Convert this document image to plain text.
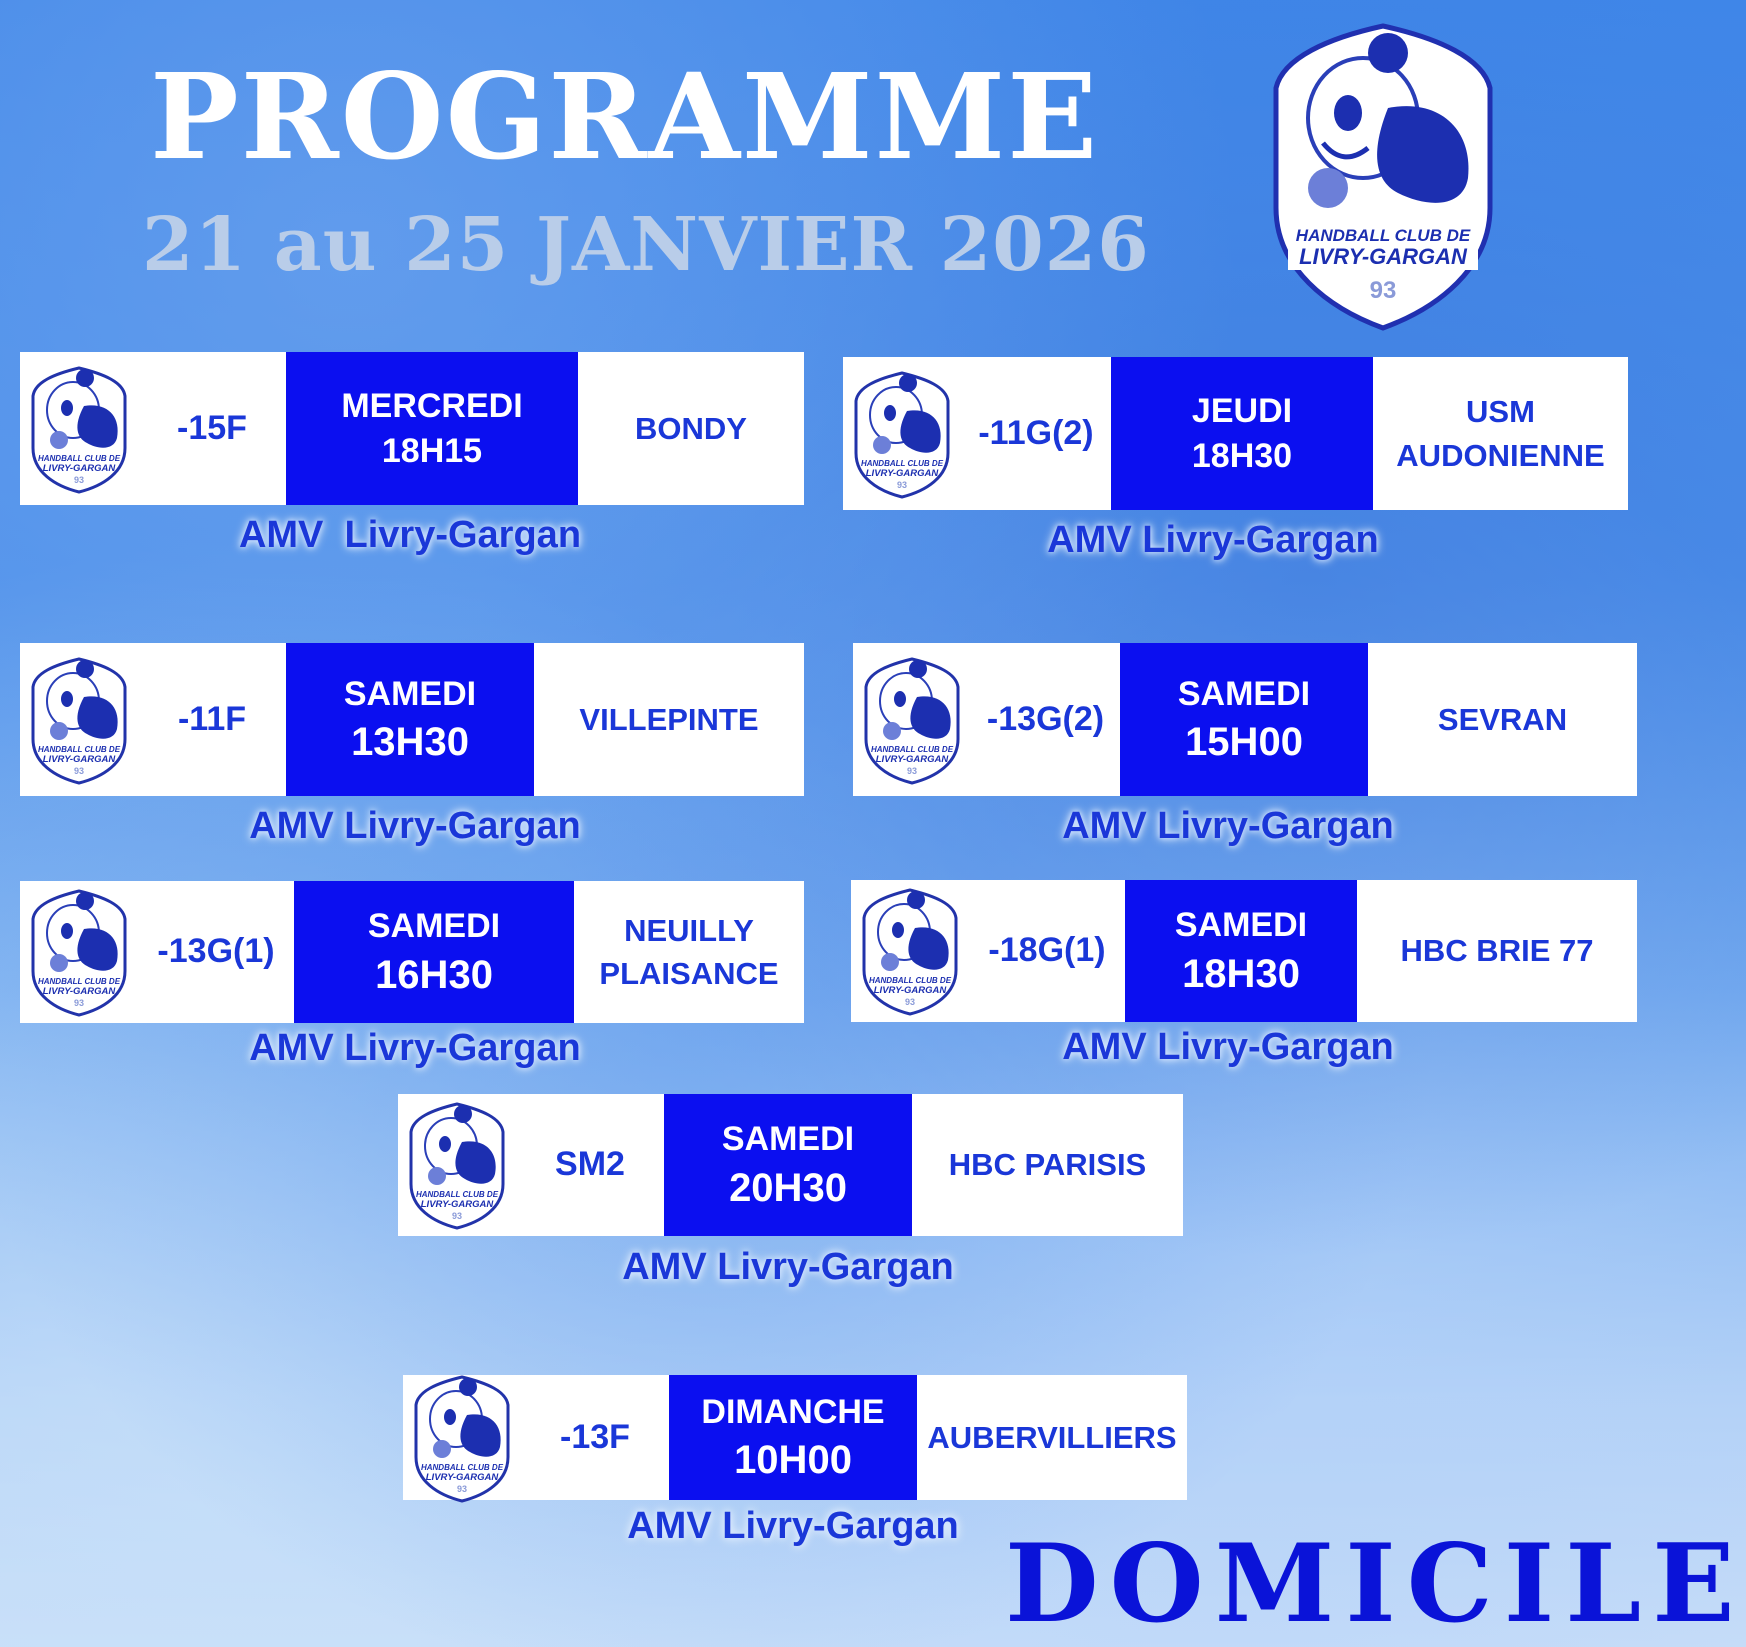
PROGRAMME
21 au 25 JANVIER 2026	HANDBALL CLUB DE
LIVRY-GARGAN
93
HANDBALL CLUB DE
LIVRY-GARGAN
93
-15F
MERCREDI
18H15
BONDY
AMV  Livry-Gargan
HANDBALL CLUB DE
LIVRY-GARGAN
93
-11G(2)
JEUDI
18H30
USM AUDONIENNE
AMV Livry-Gargan
HANDBALL CLUB DE
LIVRY-GARGAN
93
-11F
SAMEDI
13H30
VILLEPINTE
AMV Livry-Gargan
HANDBALL CLUB DE
LIVRY-GARGAN
93
-13G(2)
SAMEDI
15H00
SEVRAN
AMV Livry-Gargan
HANDBALL CLUB DE
LIVRY-GARGAN
93
-13G(1)
SAMEDI
16H30
NEUILLY PLAISANCE
AMV Livry-Gargan
HANDBALL CLUB DE
LIVRY-GARGAN
93
-18G(1)
SAMEDI
18H30
HBC BRIE 77
AMV Livry-Gargan
HANDBALL CLUB DE
LIVRY-GARGAN
93
SM2
SAMEDI
20H30
HBC PARISIS
AMV Livry-Gargan
HANDBALL CLUB DE
LIVRY-GARGAN
93
-13F
DIMANCHE
10H00
AUBERVILLIERS
AMV Livry-Gargan DOMICILE
